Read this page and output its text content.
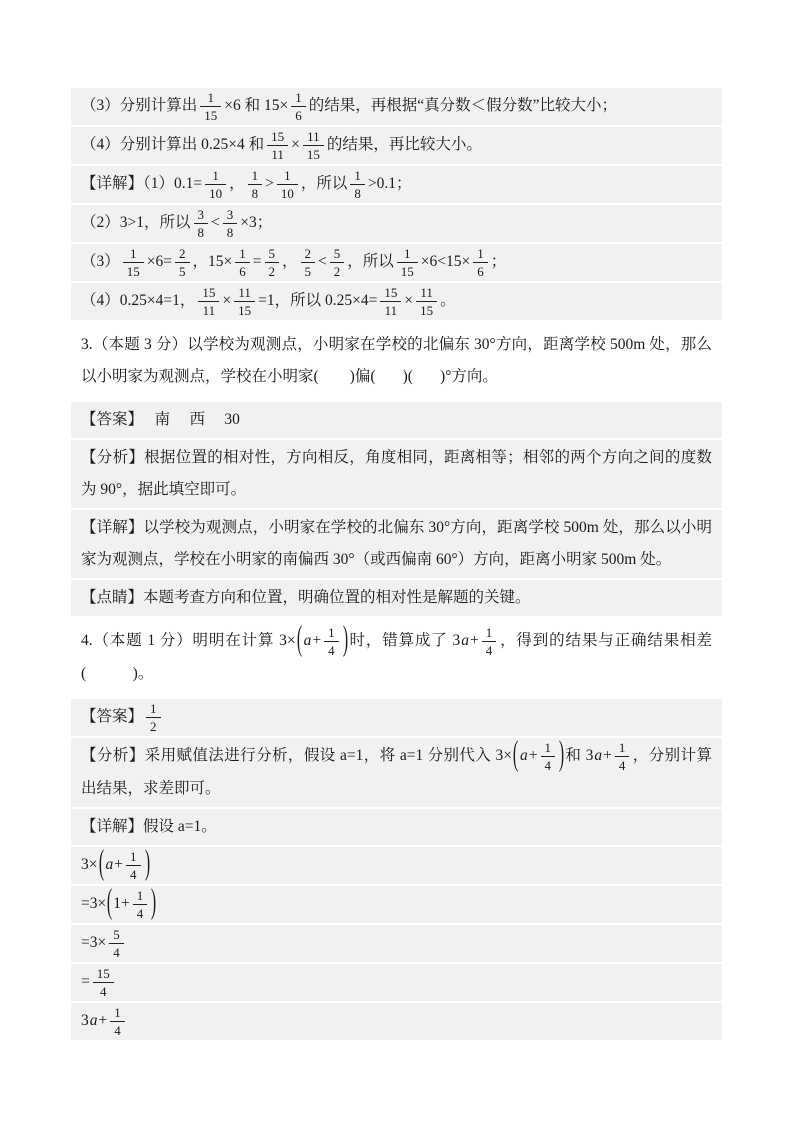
（3）分别计算出 $\frac{1}{15} \times 6$ 和 $15\times \frac{1}{6}$ 的结果，再根据“真分数＜假分数”比较大小；
（4）分别计算出 0.25×4 和 $\frac{15}{11} \times \frac{11}{15}$ 的结果，再比较大小。
【详解】$(1)0.1= \frac{1}{10}$ ， $\frac{1}{8} > \frac{1}{10}$ ，所以 $\frac{1}{8} >0.1$；
（2）3>1，所以 $\frac{3}{8} < \frac{3}{8} \times 3$；
$(3) \frac{1}{15} \times 6= \frac{2}{5}$ ，$15\times \frac{1}{6} = \frac{5}{2}$ ， $\frac{2}{5} < \frac{5}{2}$ ，所以 $\frac{1}{15} \times 6<15\times \frac{1}{6}$ ；
（4）0.25×4=1， $\frac{15}{11} \times \frac{11}{15} =1$，所以 $0.25\times 4= \frac{15}{11} \times \frac{11}{15}$ 。
3.（本题 3 分）以学校为观测点，小明家在学校的北偏东 30°方向，距离学校 500m 处，那么以小明家为观测点，学校在小明家(        )偏(       )(       )°方向。
【答案】　 南　 西　 30
【分析】根据位置的相对性，方向相反，角度相同，距离相等；相邻的两个方向之间的度数为 90°，据此填空即可。
【详解】以学校为观测点，小明家在学校的北偏东 30°方向，距离学校 500m 处，那么以小明家为观测点，学校在小明家的南偏西 30°（或西偏南 60°）方向，距离小明家 500m 处。
【点睛】本题考查方向和位置，明确位置的相对性是解题的关键。
4.（本题 1 分）明明在计算 3×( $a+ \frac{1}{4}$ )时，错算成了 $3a+ \frac{1}{4}$ ，得到的结果与正确结果相差(　　　)。
【答案】 $\frac{1}{2}$
【分析】采用赋值法进行分析，假设 a=1，将 a=1 分别代入 3×( $a+ \frac{1}{4}$ )和 $3a+ \frac{1}{4}$ ，分别计算出结果，求差即可。
【详解】假设 a=1。
3×( $a+ \frac{1}{4}$ )
$=3\times(1+ \frac{1}{4}$ )
$=3\times \frac{5}{4}$
= $\frac{15}{4}$
$3a+ \frac{1}{4}$
